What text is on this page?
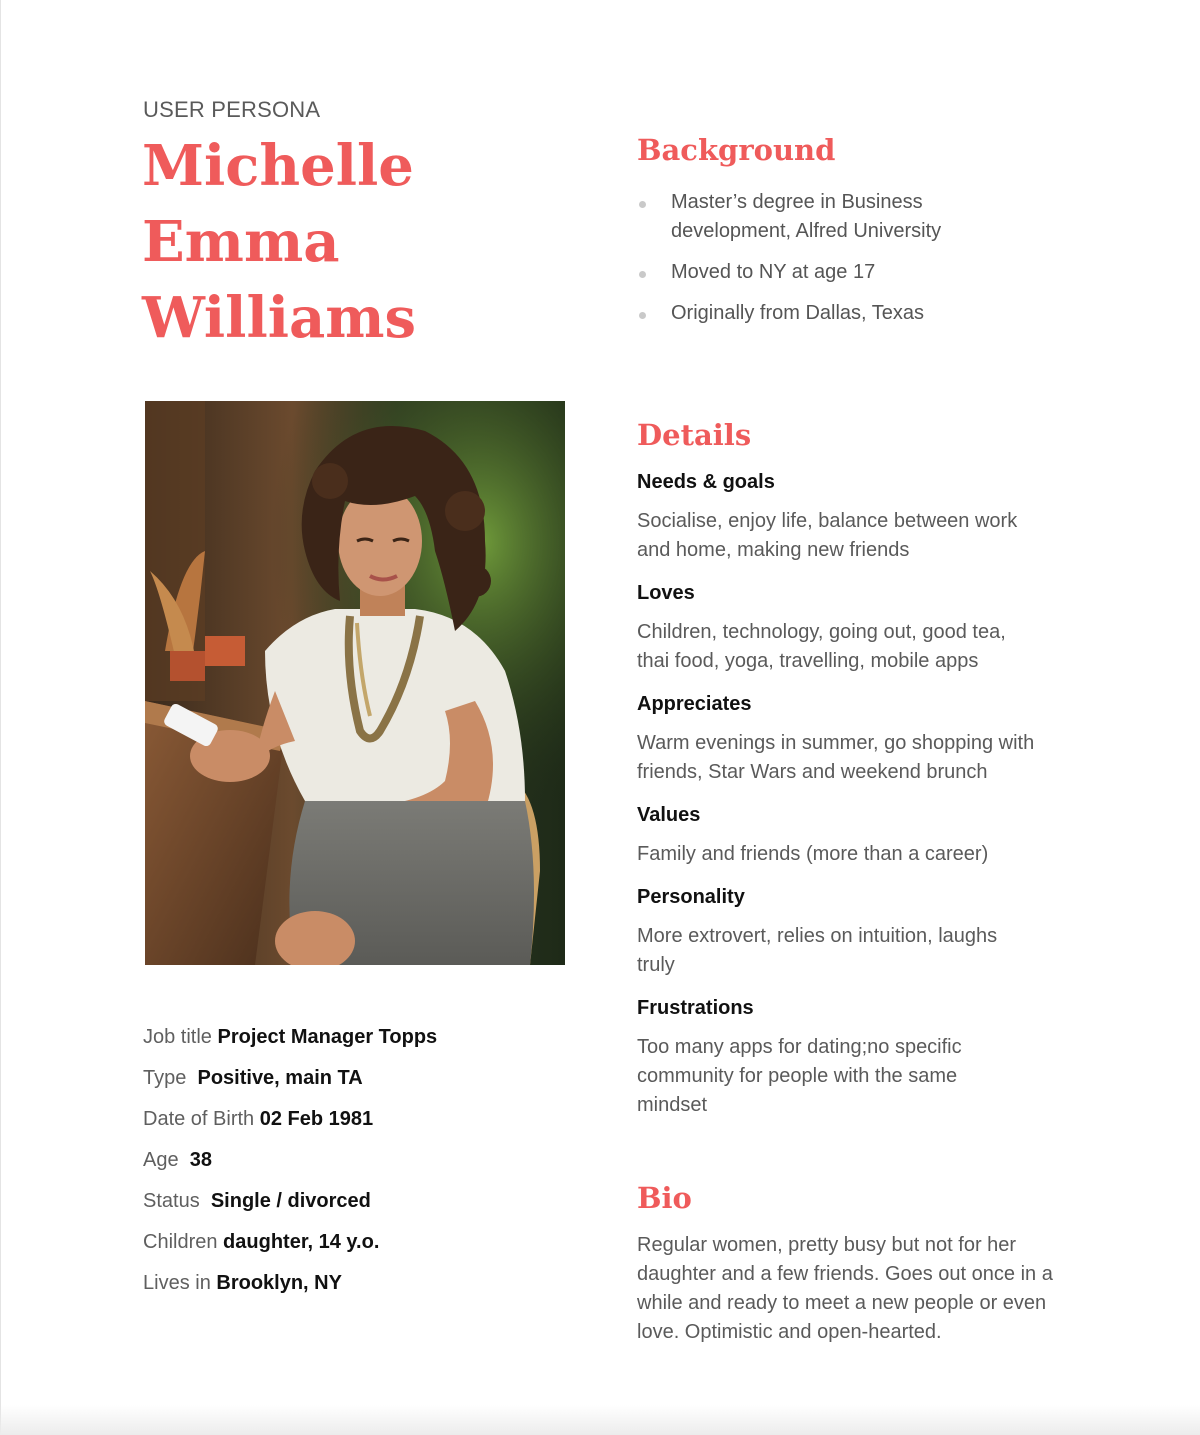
USER PERSONA
Michelle
Emma
Williams
Job title Project Manager Topps
Type Positive, main TA
Date of Birth 02 Feb 1981
Age 38
Status Single / divorced
Children daughter, 14 y.o.
Lives in Brooklyn, NY
Background
Master’s degree in Business development, Alfred University
Moved to NY at age 17
Originally from Dallas, Texas
Details
Needs & goals
Socialise, enjoy life, balance between work and home, making new friends
Loves
Children, technology, going out, good tea, thai food, yoga, travelling, mobile apps
Appreciates
Warm evenings in summer, go shopping with friends, Star Wars and weekend brunch
Values
Family and friends (more than a career)
Personality
More extrovert, relies on intuition, laughs truly
Frustrations
Too many apps for dating;no specific community for people with the same mindset
Bio
Regular women, pretty busy but not for her daughter and a few friends. Goes out once in a while and ready to meet a new people or even love. Optimistic and open-hearted.
